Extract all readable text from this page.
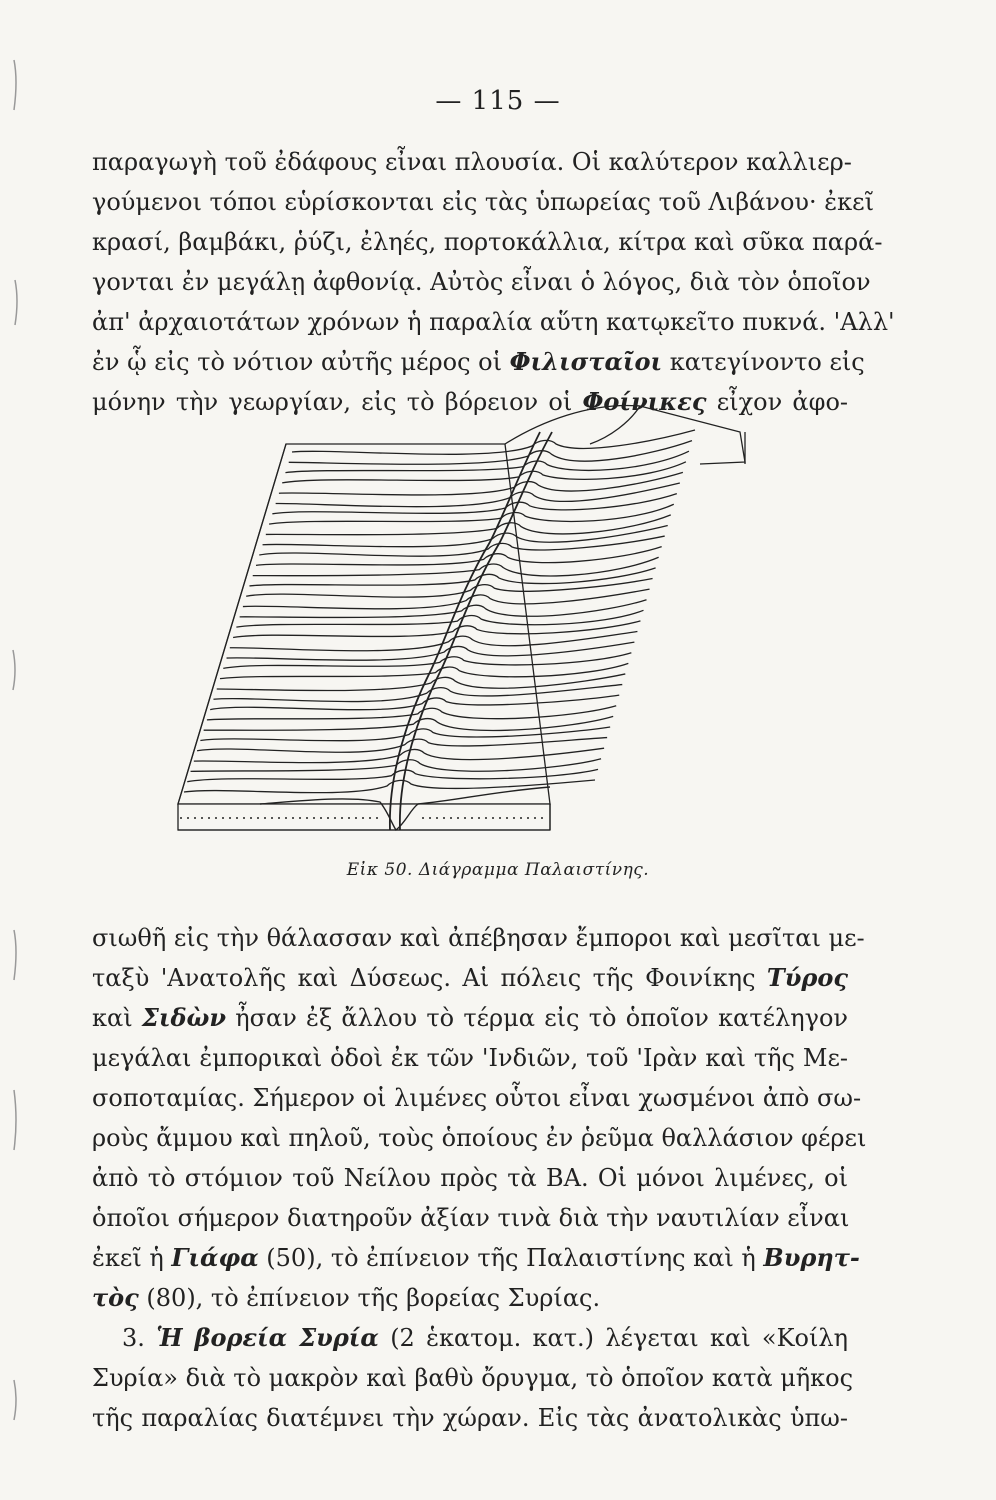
— 115 —
παραγωγὴ τοῦ ἐδάφους εἶναι πλουσία. Οἱ καλύτερον καλλιερ-
γούμενοι τόποι εὑρίσκονται εἰς τὰς ὑπωρείας τοῦ Λιβάνου· ἐκεῖ
κρασί, βαμβάκι, ῥύζι, ἐληές, πορτοκάλλια, κίτρα καὶ σῦκα παρά-
γονται ἐν μεγάλῃ ἀφθονίᾳ. Αὐτὸς εἶναι ὁ λόγος, διὰ τὸν ὁποῖον
ἀπ' ἀρχαιοτάτων χρόνων ἡ παραλία αὕτη κατῳκεῖτο πυκνά. 'Αλλ'
ἐν ᾧ εἰς τὸ νότιον αὐτῆς μέρος οἱ Φιλισταῖοι κατεγίνοντο εἰς
μόνην τὴν γεωργίαν, εἰς τὸ βόρειον οἱ Φοίνικες εἶχον ἀφο-
Εἰκ 50. Διάγραμμα Παλαιστίνης.
σιωθῆ εἰς τὴν θάλασσαν καὶ ἀπέβησαν ἔμποροι καὶ μεσῖται με-
ταξὺ 'Ανατολῆς καὶ Δύσεως. Αἱ πόλεις τῆς Φοινίκης Τύρος
καὶ Σιδὼν ἦσαν ἐξ ἄλλου τὸ τέρμα εἰς τὸ ὁποῖον κατέληγον
μεγάλαι ἐμπορικαὶ ὁδοὶ ἐκ τῶν 'Ινδιῶν, τοῦ 'Ιρὰν καὶ τῆς Με-
σοποταμίας. Σήμερον οἱ λιμένες οὗτοι εἶναι χωσμένοι ἀπὸ σω-
ροὺς ἄμμου καὶ πηλοῦ, τοὺς ὁποίους ἐν ῥεῦμα θαλλάσιον φέρει
ἀπὸ τὸ στόμιον τοῦ Νείλου πρὸς τὰ ΒΑ. Οἱ μόνοι λιμένες, οἱ
ὁποῖοι σήμερον διατηροῦν ἀξίαν τινὰ διὰ τὴν ναυτιλίαν εἶναι
ἐκεῖ ἡ Γιάφα (50), τὸ ἐπίνειον τῆς Παλαιστίνης καὶ ἡ Βυρητ-
τὸς (80), τὸ ἐπίνειον τῆς βορείας Συρίας.
3. Ἡ βορεία Συρία (2 ἑκατομ. κατ.) λέγεται καὶ «Κοίλη
Συρία» διὰ τὸ μακρὸν καὶ βαθὺ ὄρυγμα, τὸ ὁποῖον κατὰ μῆκος
τῆς παραλίας διατέμνει τὴν χώραν. Εἰς τὰς ἀνατολικὰς ὑπω-
